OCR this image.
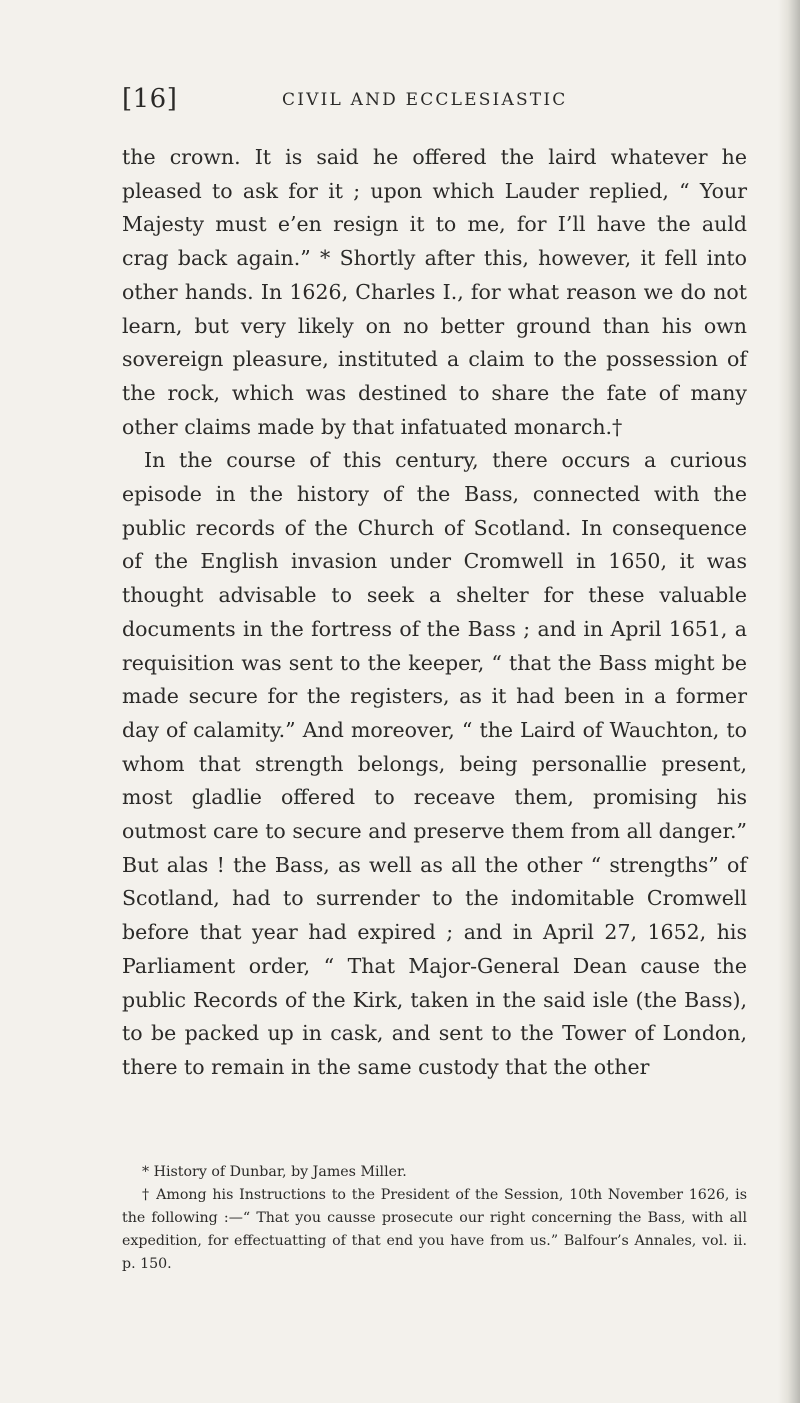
[16]	CIVIL AND ECCLESIASTIC

the crown. It is said he offered the laird whatever he pleased to ask for it ; upon which Lauder replied, “ Your Majesty must e’en resign it to me, for I’ll have the auld crag back again.” * Shortly after this, however, it fell into other hands. In 1626, Charles I., for what reason we do not learn, but very likely on no better ground than his own sovereign pleasure, instituted a claim to the possession of the rock, which was destined to share the fate of many other claims made by that infatuated monarch.†

In the course of this century, there occurs a curious episode in the history of the Bass, connected with the public records of the Church of Scotland. In consequence of the English invasion under Cromwell in 1650, it was thought advisable to seek a shelter for these valuable documents in the fortress of the Bass ; and in April 1651, a requisition was sent to the keeper, “ that the Bass might be made secure for the registers, as it had been in a former day of calamity.” And moreover, “ the Laird of Wauchton, to whom that strength belongs, being personallie present, most gladlie offered to receave them, promising his outmost care to secure and preserve them from all danger.” But alas ! the Bass, as well as all the other “ strengths” of Scotland, had to surrender to the indomitable Cromwell before that year had expired ; and in April 27, 1652, his Parliament order, “ That Major-General Dean cause the public Records of the Kirk, taken in the said isle (the Bass), to be packed up in cask, and sent to the Tower of London, there to remain in the same custody that the other

* History of Dunbar, by James Miller.

† Among his Instructions to the President of the Session, 10th November 1626, is the following :—“ That you causse prosecute our right concerning the Bass, with all expedition, for effectuatting of that end you have from us.” Balfour’s Annales, vol. ii. p. 150.
